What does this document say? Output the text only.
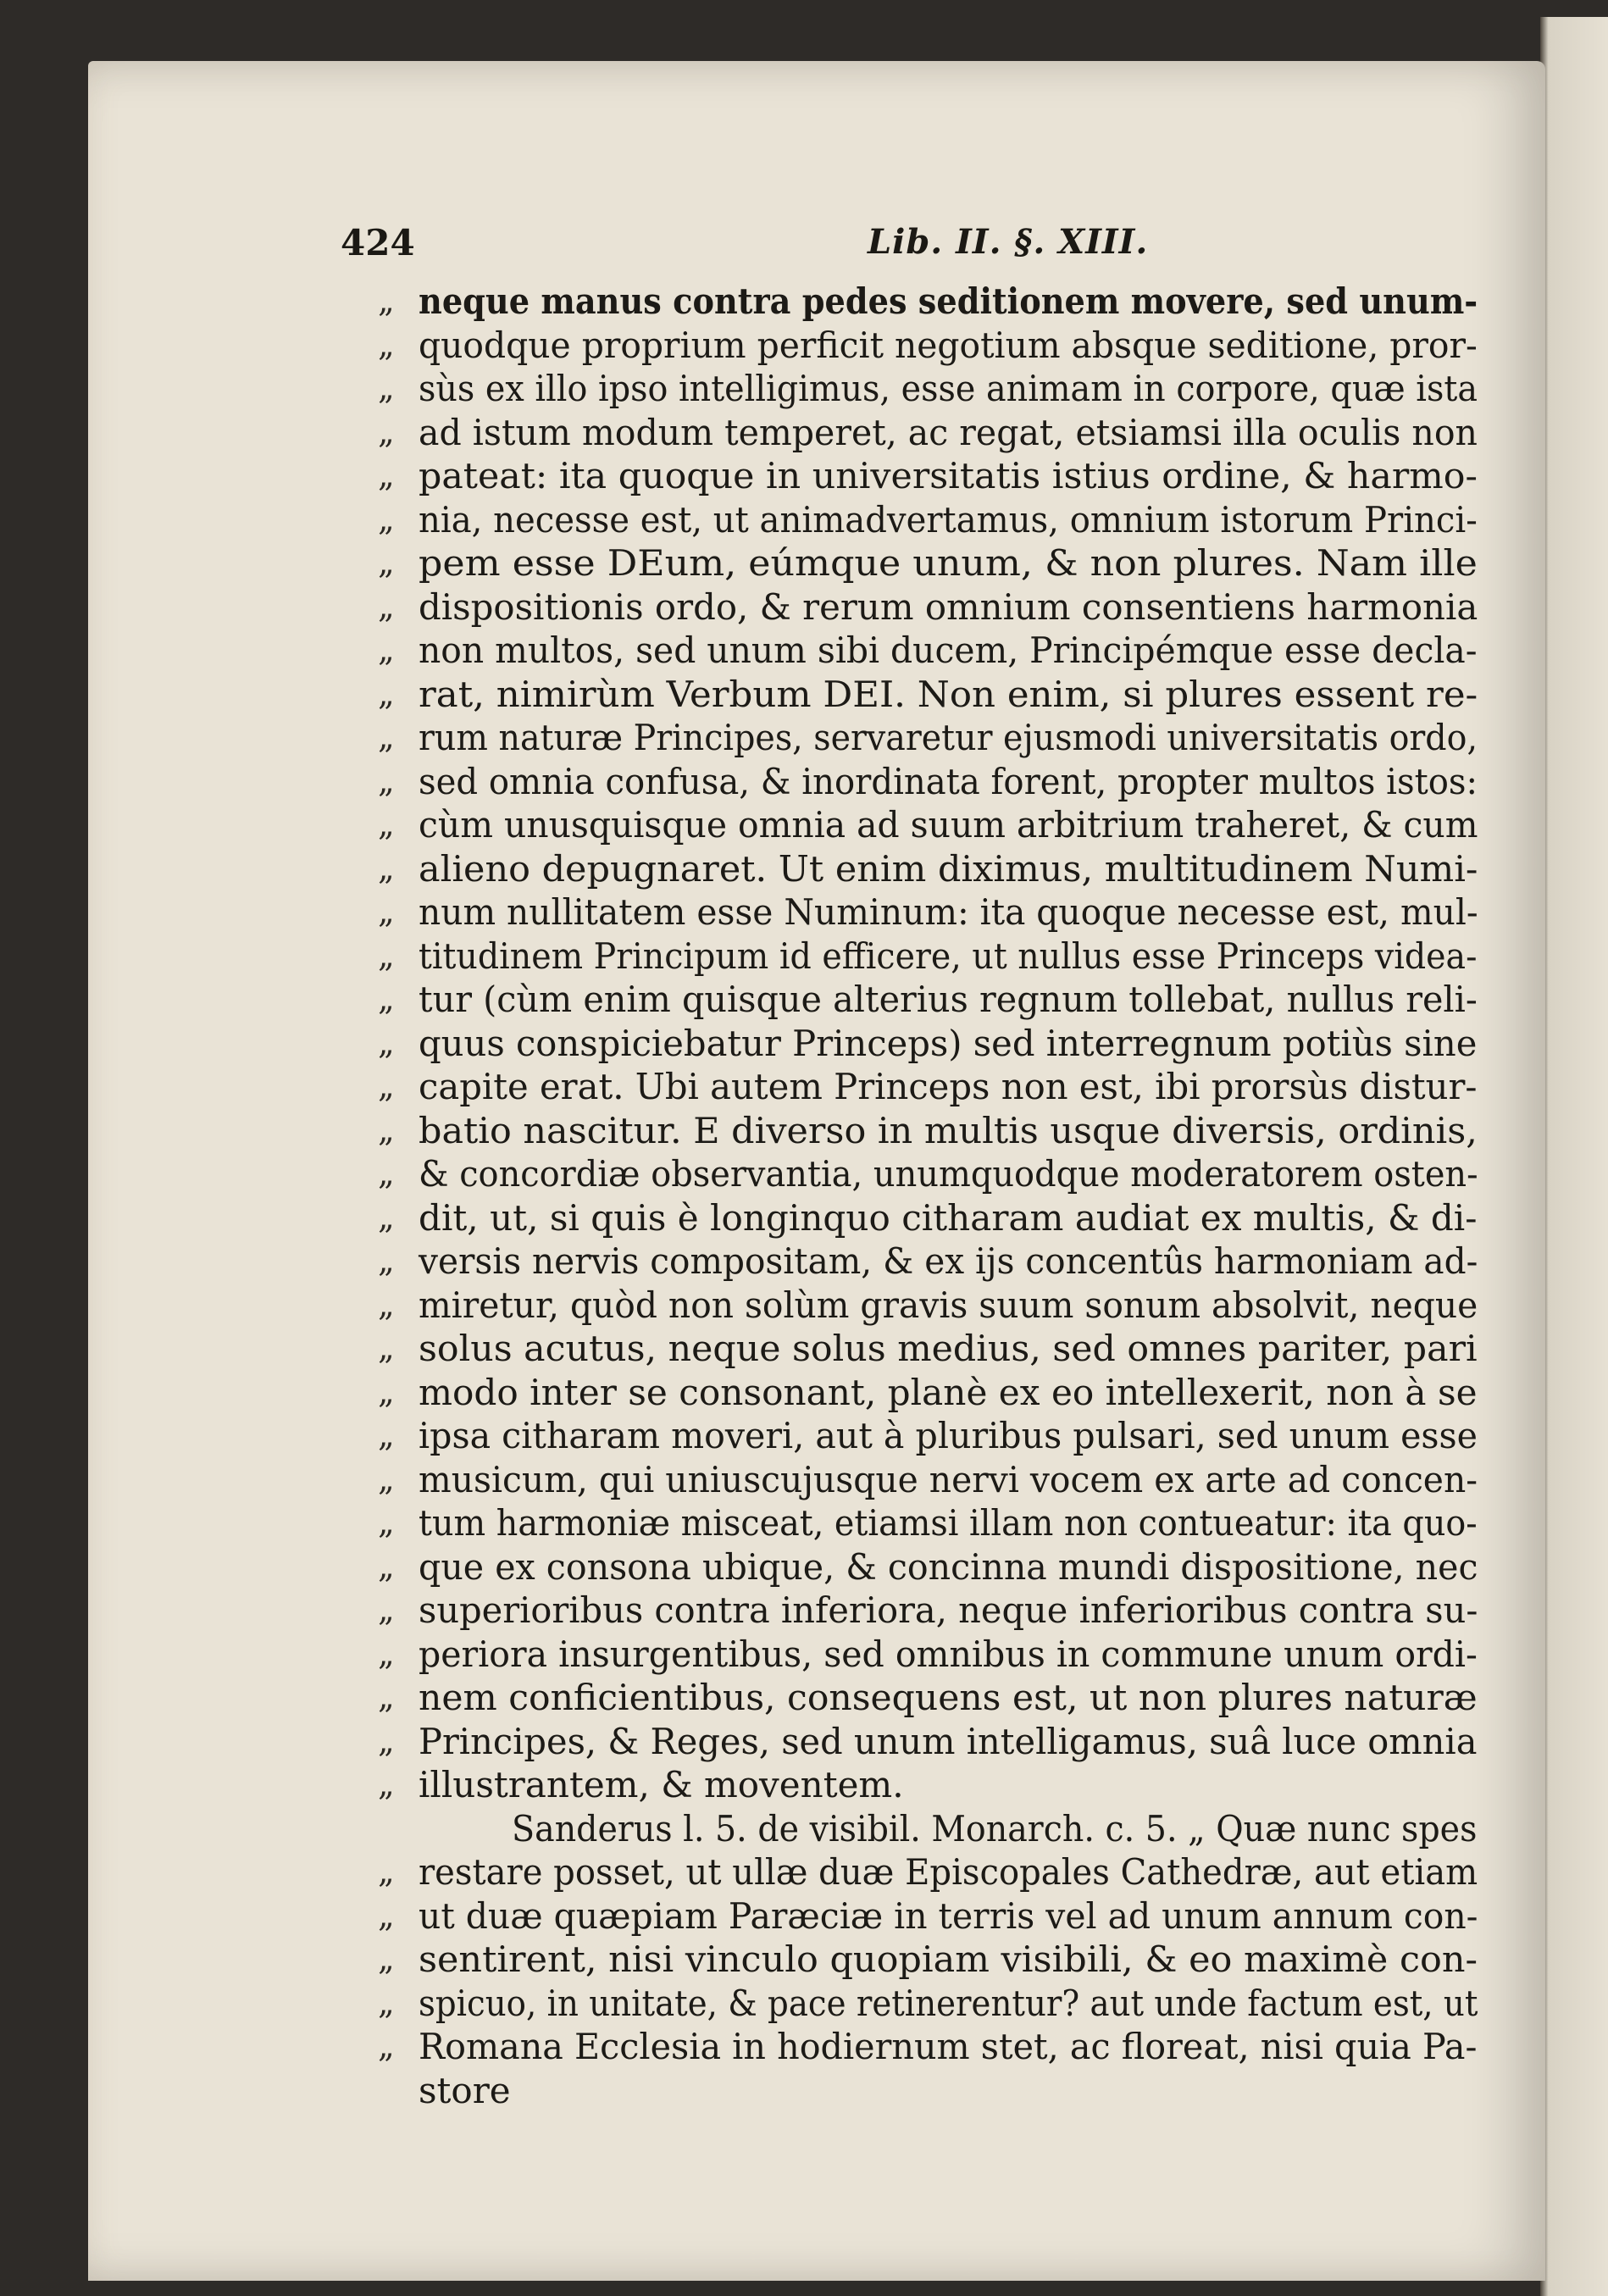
424	Lib. II. §. XIII.
„ neque manus contra pedes seditionem movere, sed unum-
„ quodque proprium perficit negotium absque seditione, pror-
„ sùs ex illo ipso intelligimus, esse animam in corpore, quæ ista
„ ad istum modum temperet, ac regat, etsiamsi illa oculis non
„ pateat: ita quoque in universitatis istius ordine, & harmo-
„ nia, necesse est, ut animadvertamus, omnium istorum Princi-
„ pem esse DEum, eúmque unum, & non plures. Nam ille
„ dispositionis ordo, & rerum omnium consentiens harmonia
„ non multos, sed unum sibi ducem, Principémque esse decla-
„ rat, nimirùm Verbum DEI. Non enim, si plures essent re-
„ rum naturæ Principes, servaretur ejusmodi universitatis ordo,
„ sed omnia confusa, & inordinata forent, propter multos istos:
„ cùm unusquisque omnia ad suum arbitrium traheret, & cum
„ alieno depugnaret. Ut enim diximus, multitudinem Numi-
„ num nullitatem esse Numinum: ita quoque necesse est, mul-
„ titudinem Principum id efficere, ut nullus esse Princeps videa-
„ tur (cùm enim quisque alterius regnum tollebat, nullus reli-
„ quus conspiciebatur Princeps) sed interregnum potiùs sine
„ capite erat. Ubi autem Princeps non est, ibi prorsùs distur-
„ batio nascitur. E diverso in multis usque diversis, ordinis,
„ & concordiæ observantia, unumquodque moderatorem osten-
„ dit, ut, si quis è longinquo citharam audiat ex multis, & di-
„ versis nervis compositam, & ex ijs concentûs harmoniam ad-
„ miretur, quòd non solùm gravis suum sonum absolvit, neque
„ solus acutus, neque solus medius, sed omnes pariter, pari
„ modo inter se consonant, planè ex eo intellexerit, non à se
„ ipsa citharam moveri, aut à pluribus pulsari, sed unum esse
„ musicum, qui uniuscujusque nervi vocem ex arte ad concen-
„ tum harmoniæ misceat, etiamsi illam non contueatur: ita quo-
„ que ex consona ubique, & concinna mundi dispositione, nec
„ superioribus contra inferiora, neque inferioribus contra su-
„ periora insurgentibus, sed omnibus in commune unum ordi-
„ nem conficientibus, consequens est, ut non plures naturæ
„ Principes, & Reges, sed unum intelligamus, suâ luce omnia
„ illustrantem, & moventem.
Sanderus l. 5. de visibil. Monarch. c. 5. „ Quæ nunc spes
„ restare posset, ut ullæ duæ Episcopales Cathedræ, aut etiam
„ ut duæ quæpiam Paræciæ in terris vel ad unum annum con-
„ sentirent, nisi vinculo quopiam visibili, & eo maximè con-
„ spicuo, in unitate, & pace retinerentur? aut unde factum est, ut
„ Romana Ecclesia in hodiernum stet, ac floreat, nisi quia Pa-
store
